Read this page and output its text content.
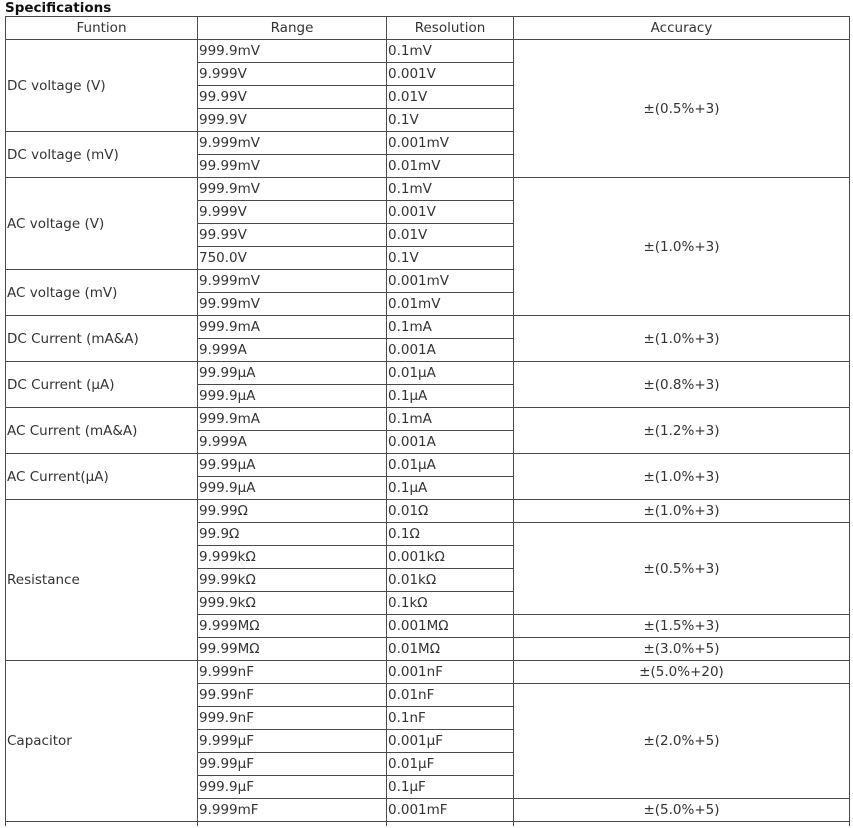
Specifications
Funtion	Range	Resolution	Accuracy
DC voltage (V)	999.9mV	0.1mV	±(0.5%+3)
	9.999V	0.001V	
	99.99V	0.01V	
	999.9V	0.1V	
DC voltage (mV)	9.999mV	0.001mV	
	99.99mV	0.01mV	
AC voltage (V)	999.9mV	0.1mV	±(1.0%+3)
	9.999V	0.001V	
	99.99V	0.01V	
	750.0V	0.1V	
AC voltage (mV)	9.999mV	0.001mV	
	99.99mV	0.01mV	
DC Current (mA&A)	999.9mA	0.1mA	±(1.0%+3)
	9.999A	0.001A	
DC Current (µA)	99.99µA	0.01µA	±(0.8%+3)
	999.9µA	0.1µA	
AC Current (mA&A)	999.9mA	0.1mA	±(1.2%+3)
	9.999A	0.001A	
AC Current(µA)	99.99µA	0.01µA	±(1.0%+3)
	999.9µA	0.1µA	
Resistance	99.99Ω	0.01Ω	±(1.0%+3)
	99.9Ω	0.1Ω	±(0.5%+3)
	9.999kΩ	0.001kΩ	
	99.99kΩ	0.01kΩ	
	999.9kΩ	0.1kΩ	
	9.999MΩ	0.001MΩ	±(1.5%+3)
	99.99MΩ	0.01MΩ	±(3.0%+5)
Capacitor	9.999nF	0.001nF	±(5.0%+20)
	99.99nF	0.01nF	±(2.0%+5)
	999.9nF	0.1nF	
	9.999µF	0.001µF	
	99.99µF	0.01µF	
	999.9µF	0.1µF	
	9.999mF	0.001mF	±(5.0%+5)
